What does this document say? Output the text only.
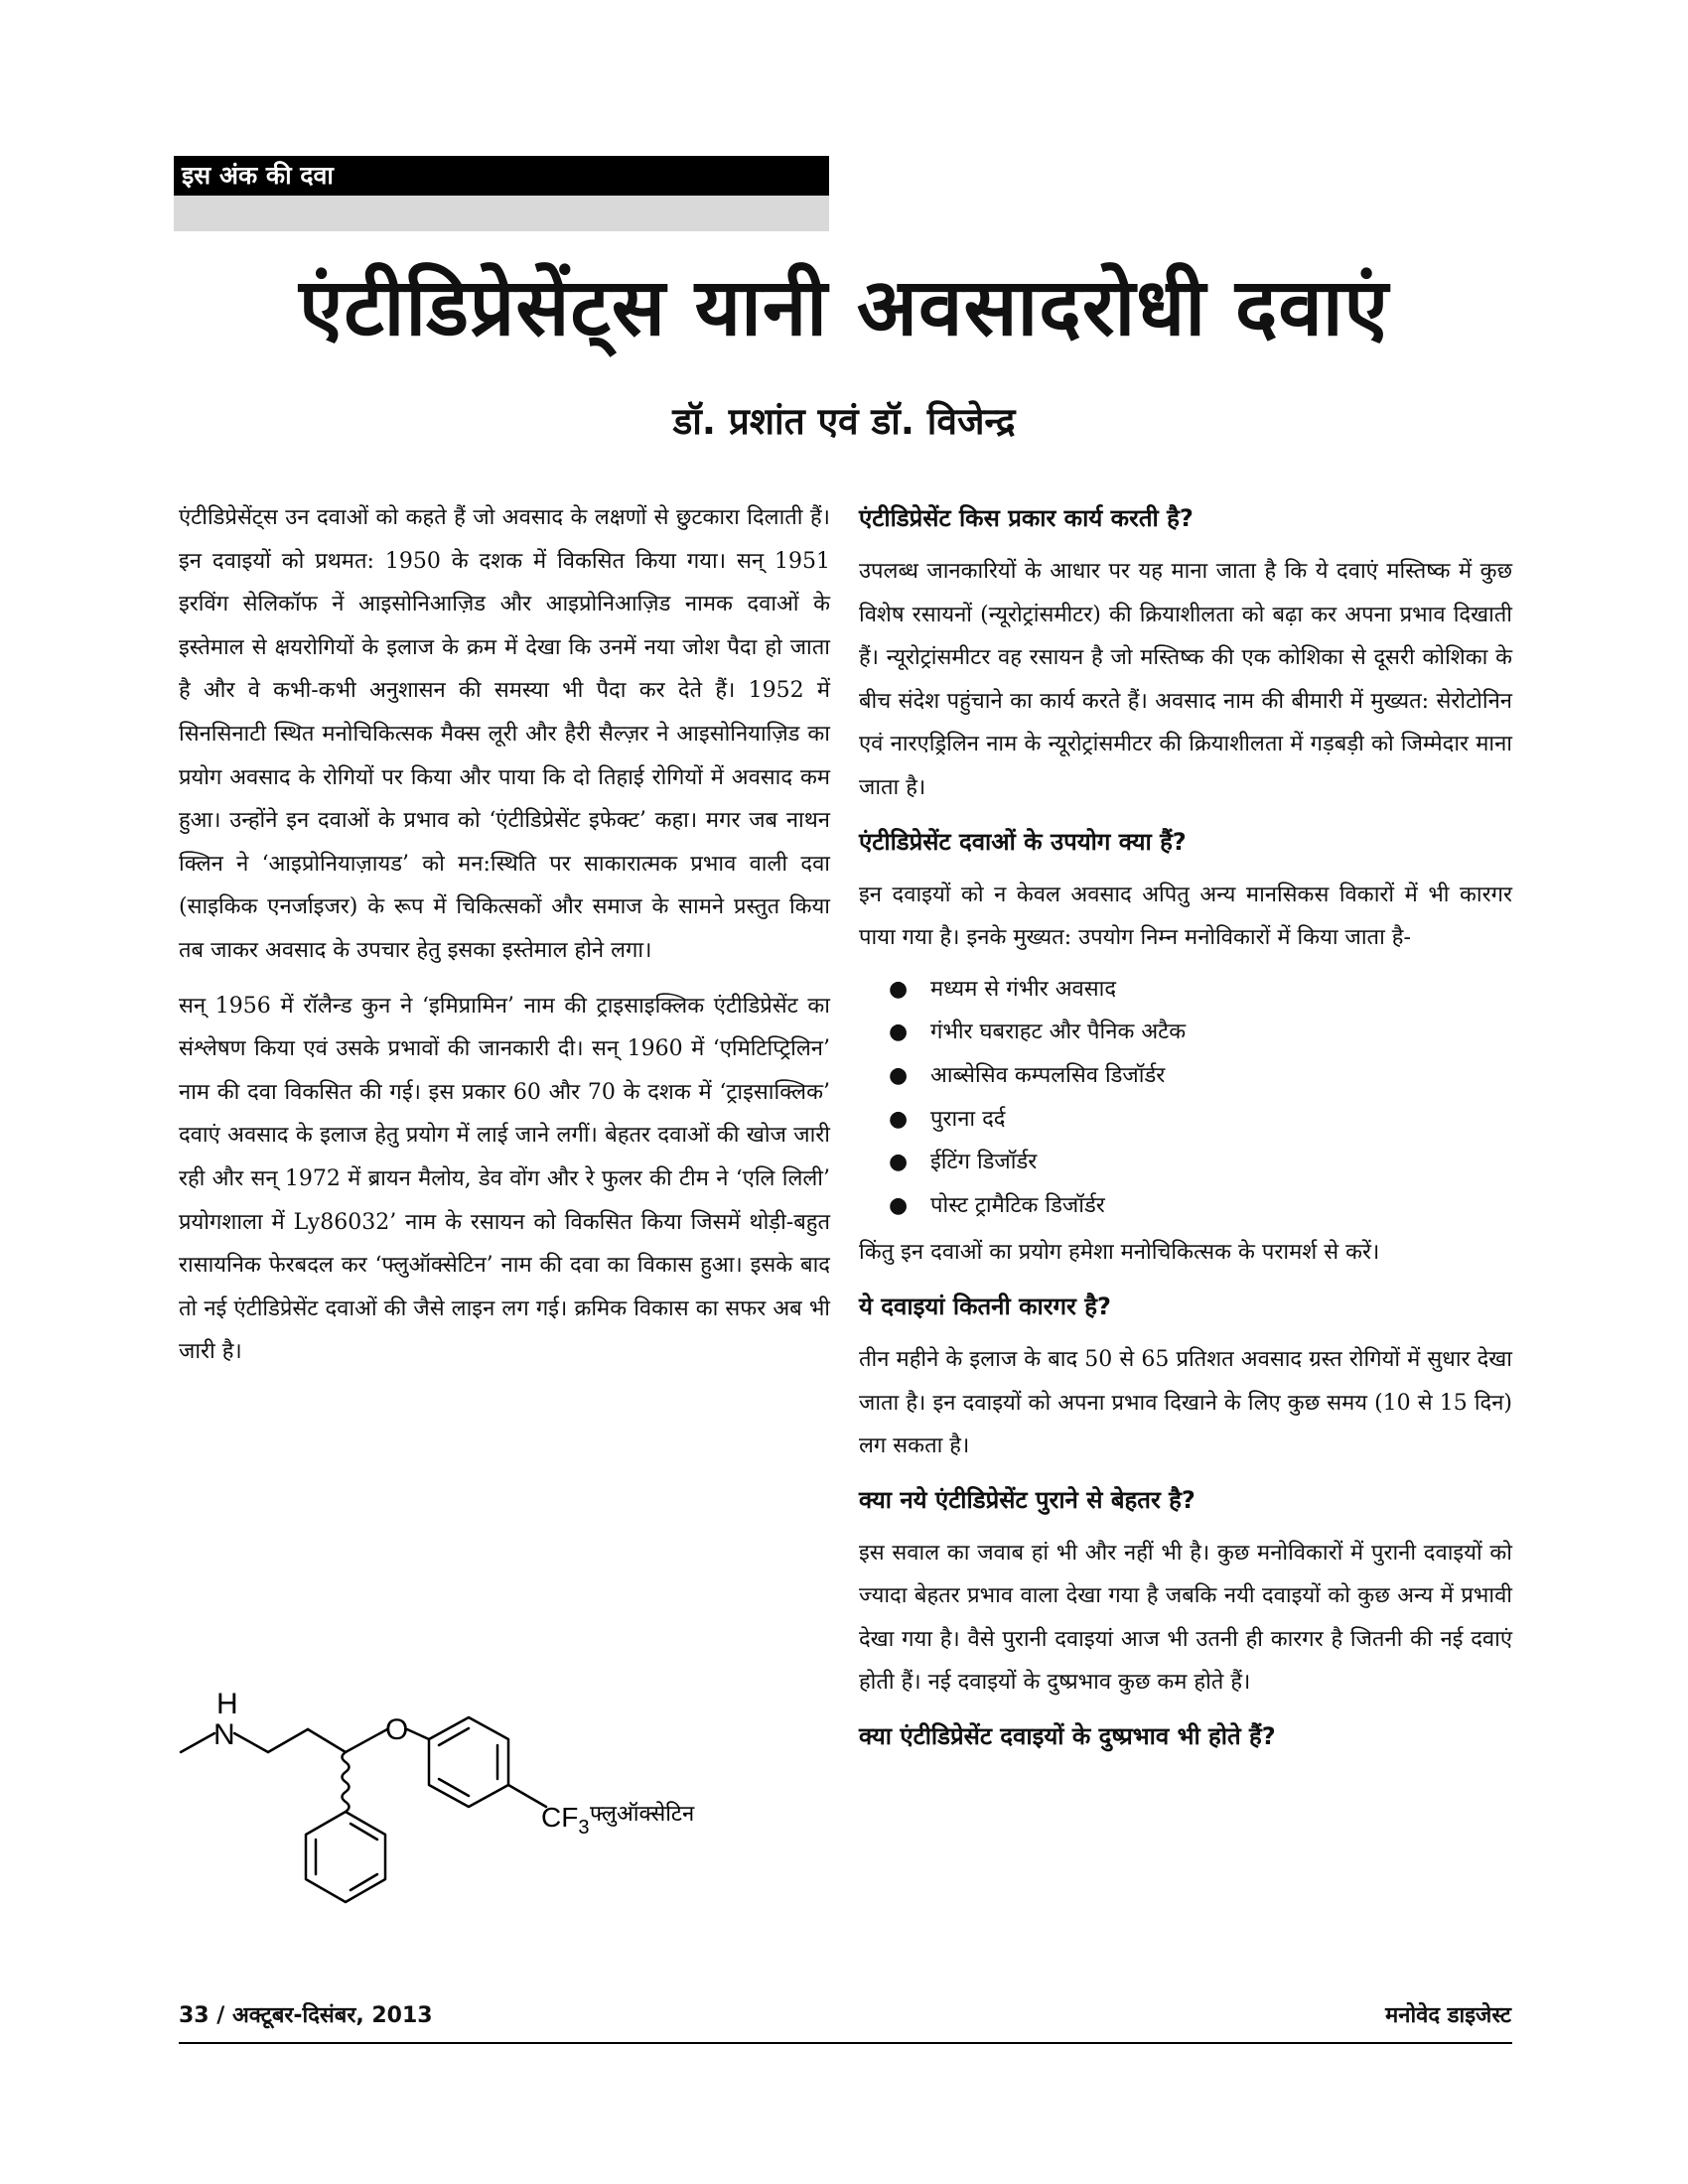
इस अंक की दवा
एंटीडिप्रेसेंट्स यानी अवसादरोधी दवाएं
डॉ. प्रशांत एवं डॉ. विजेन्द्र

एंटीडिप्रेसेंट्स उन दवाओं को कहते हैं जो अवसाद के लक्षणों से छुटकारा दिलाती हैं। इन दवाइयों को प्रथमत: 1950 के दशक में विकसित किया गया। सन् 1951 इरविंग सेलिकॉफ नें आइसोनिआज़िड और आइप्रोनिआज़िड नामक दवाओं के इस्तेमाल से क्षयरोगियों के इलाज के क्रम में देखा कि उनमें नया जोश पैदा हो जाता है और वे कभी-कभी अनुशासन की समस्या भी पैदा कर देते हैं। 1952 में सिनसिनाटी स्थित मनोचिकित्सक मैक्स लूरी और हैरी सैल्ज़र ने आइसोनियाज़िड का प्रयोग अवसाद के रोगियों पर किया और पाया कि दो तिहाई रोगियों में अवसाद कम हुआ। उन्होंने इन दवाओं के प्रभाव को ‘एंटीडिप्रेसेंट इफेक्ट’ कहा। मगर जब नाथन क्लिन ने ‘आइप्रोनियाज़ायड’ को मन:स्थिति पर साकारात्मक प्रभाव वाली दवा (साइकिक एनर्जाइजर) के रूप में चिकित्सकों और समाज के सामने प्रस्तुत किया तब जाकर अवसाद के उपचार हेतु इसका इस्तेमाल होने लगा।

सन् 1956 में रॉलैन्ड कुन ने ‘इमिप्रामिन’ नाम की ट्राइसाइक्लिक एंटीडिप्रेसेंट का संश्लेषण किया एवं उसके प्रभावों की जानकारी दी। सन् 1960 में ‘एमिटिप्ट्रिलिन’ नाम की दवा विकसित की गई। इस प्रकार 60 और 70 के दशक में ‘ट्राइसाक्लिक’ दवाएं अवसाद के इलाज हेतु प्रयोग में लाई जाने लगीं। बेहतर दवाओं की खोज जारी रही और सन् 1972 में ब्रायन मैलोय, डेव वोंग और रे फुलर की टीम ने ‘एलि लिली’ प्रयोगशाला में Ly86032’ नाम के रसायन को विकसित किया जिसमें थोड़ी-बहुत रासायनिक फेरबदल कर ‘फ्लुऑक्सेटिन’ नाम की दवा का विकास हुआ। इसके बाद तो नई एंटीडिप्रेसेंट दवाओं की जैसे लाइन लग गई। क्रमिक विकास का सफर अब भी जारी है।

H
N	O
$CF_3$
फ्लुऑक्सेटिन
एंटीडिप्रेसेंट किस प्रकार कार्य करती है?

उपलब्ध जानकारियों के आधार पर यह माना जाता है कि ये दवाएं मस्तिष्क में कुछ विशेष रसायनों (न्यूरोट्रांसमीटर) की क्रियाशीलता को बढ़ा कर अपना प्रभाव दिखाती हैं। न्यूरोट्रांसमीटर वह रसायन है जो मस्तिष्क की एक कोशिका से दूसरी कोशिका के बीच संदेश पहुंचाने का कार्य करते हैं। अवसाद नाम की बीमारी में मुख्यत: सेरोटोनिन एवं नारएड्रिलिन नाम के न्यूरोट्रांसमीटर की क्रियाशीलता में गड़बड़ी को जिम्मेदार माना जाता है।

एंटीडिप्रेसेंट दवाओं के उपयोग क्या हैं?

इन दवाइयों को न केवल अवसाद अपितु अन्य मानसिकस विकारों में भी कारगर पाया गया है। इनके मुख्यत: उपयोग निम्न मनोविकारों में किया जाता है-

● मध्यम से गंभीर अवसाद
● गंभीर घबराहट और पैनिक अटैक
● आब्सेसिव कम्पलसिव डिजॉर्डर
● पुराना दर्द
● ईटिंग डिजॉर्डर
● पोस्ट ट्रामैटिक डिजॉर्डर

किंतु इन दवाओं का प्रयोग हमेशा मनोचिकित्सक के परामर्श से करें।

ये दवाइयां कितनी कारगर है?

तीन महीने के इलाज के बाद 50 से 65 प्रतिशत अवसाद ग्रस्त रोगियों में सुधार देखा जाता है। इन दवाइयों को अपना प्रभाव दिखाने के लिए कुछ समय (10 से 15 दिन) लग सकता है।

क्या नये एंटीडिप्रेसेंट पुराने से बेहतर है?

इस सवाल का जवाब हां भी और नहीं भी है। कुछ मनोविकारों में पुरानी दवाइयों को ज्यादा बेहतर प्रभाव वाला देखा गया है जबकि नयी दवाइयों को कुछ अन्य में प्रभावी देखा गया है। वैसे पुरानी दवाइयां आज भी उतनी ही कारगर है जितनी की नई दवाएं होती हैं। नई दवाइयों के दुष्प्रभाव कुछ कम होते हैं।

क्या एंटीडिप्रेसेंट दवाइयों के दुष्प्रभाव भी होते हैं?
33 / अक्टूबर-दिसंबर, 2013	मनोवेद डाइजेस्ट
